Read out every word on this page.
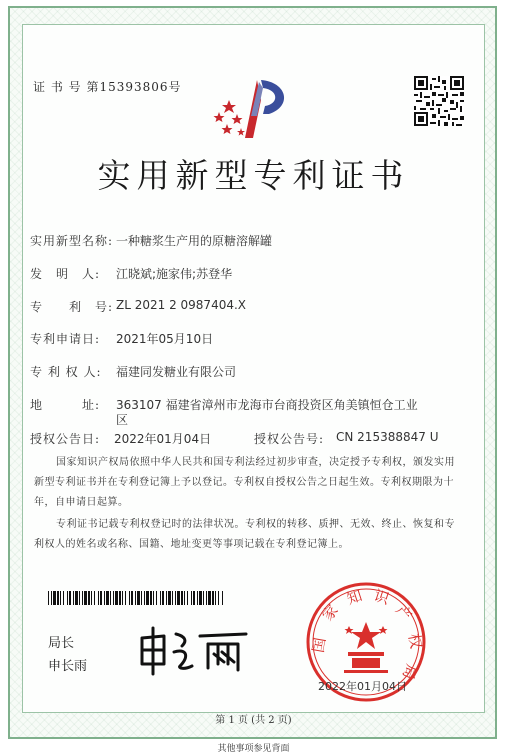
证 书 号 第15393806号
实用新型专利证书
实用新型名称: 一种糖浆生产用的原糖溶解罐
发　明　人: 江晓斌;施家伟;苏登华
专　　利　号: ZL 2021 2 0987404.X
专利申请日: 2021年05月10日
专 利 权 人: 福建同发糖业有限公司
地　　　址: 363107 福建省漳州市龙海市台商投资区角美镇恒仓工业
区
授权公告日: 2022年01月04日	授权公告号: CN 215388847 U
国家知识产权局依照中华人民共和国专利法经过初步审查，决定授予专利权，颁发实用
新型专利证书并在专利登记簿上予以登记。专利权自授权公告之日起生效。专利权期限为十
年，自申请日起算。
专利证书记载专利权登记时的法律状况。专利权的转移、质押、无效、终止、恢复和专
利权人的姓名或名称、国籍、地址变更等事项记载在专利登记簿上。
局长
申长雨
国
家
知 识
产
权
局
2022年01月04日
第 1 页 (共 2 页)
其他事项参见背面
